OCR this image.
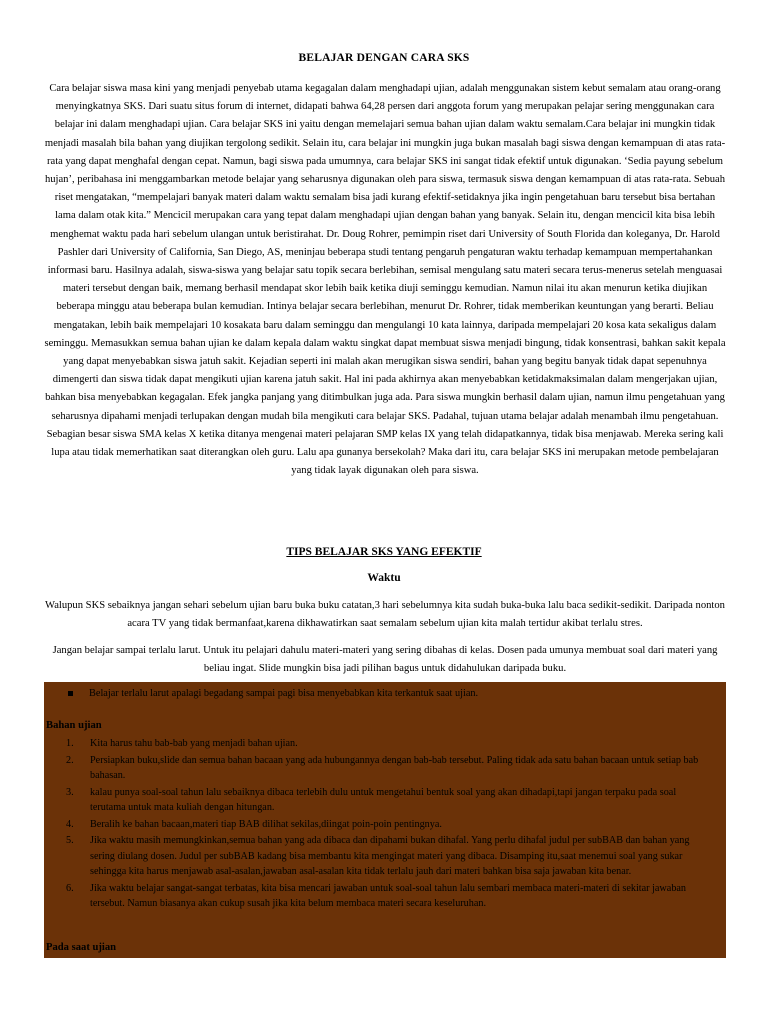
BELAJAR DENGAN CARA SKS
Cara belajar siswa masa kini yang menjadi penyebab utama kegagalan dalam menghadapi ujian, adalah menggunakan sistem kebut semalam atau orang-orang menyingkatnya SKS. Dari suatu situs forum di internet, didapati bahwa 64,28 persen dari anggota forum yang merupakan pelajar sering menggunakan cara belajar ini dalam menghadapi ujian. Cara belajar SKS ini yaitu dengan memelajari semua bahan ujian dalam waktu semalam.Cara belajar ini mungkin tidak menjadi masalah bila bahan yang diujikan tergolong sedikit. Selain itu, cara belajar ini mungkin juga bukan masalah bagi siswa dengan kemampuan di atas rata-rata yang dapat menghafal dengan cepat. Namun, bagi siswa pada umumnya, cara belajar SKS ini sangat tidak efektif untuk digunakan. ‘Sedia payung sebelum hujan’, peribahasa ini menggambarkan metode belajar yang seharusnya digunakan oleh para siswa, termasuk siswa dengan kemampuan di atas rata-rata. Sebuah riset mengatakan, “mempelajari banyak materi dalam waktu semalam bisa jadi kurang efektif-setidaknya jika ingin pengetahuan baru tersebut bisa bertahan lama dalam otak kita.” Mencicil merupakan cara yang tepat dalam menghadapi ujian dengan bahan yang banyak. Selain itu, dengan mencicil kita bisa lebih menghemat waktu pada hari sebelum ulangan untuk beristirahat. Dr. Doug Rohrer, pemimpin riset dari University of South Florida dan koleganya, Dr. Harold Pashler dari University of California, San Diego, AS, meninjau beberapa studi tentang pengaruh pengaturan waktu terhadap kemampuan mempertahankan informasi baru. Hasilnya adalah, siswa-siswa yang belajar satu topik secara berlebihan, semisal mengulang satu materi secara terus-menerus setelah menguasai materi tersebut dengan baik, memang berhasil mendapat skor lebih baik ketika diuji seminggu kemudian. Namun nilai itu akan menurun ketika diujikan beberapa minggu atau beberapa bulan kemudian. Intinya belajar secara berlebihan, menurut Dr. Rohrer, tidak memberikan keuntungan yang berarti. Beliau mengatakan, lebih baik mempelajari 10 kosakata baru dalam seminggu dan mengulangi 10 kata lainnya, daripada mempelajari 20 kosa kata sekaligus dalam seminggu. Memasukkan semua bahan ujian ke dalam kepala dalam waktu singkat dapat membuat siswa menjadi bingung, tidak konsentrasi, bahkan sakit kepala yang dapat menyebabkan siswa jatuh sakit. Kejadian seperti ini malah akan merugikan siswa sendiri, bahan yang begitu banyak tidak dapat sepenuhnya dimengerti dan siswa tidak dapat mengikuti ujian karena jatuh sakit. Hal ini pada akhirnya akan menyebabkan ketidakmaksimalan dalam mengerjakan ujian, bahkan bisa menyebabkan kegagalan. Efek jangka panjang yang ditimbulkan juga ada. Para siswa mungkin berhasil dalam ujian, namun ilmu pengetahuan yang seharusnya dipahami menjadi terlupakan dengan mudah bila mengikuti cara belajar SKS. Padahal, tujuan utama belajar adalah menambah ilmu pengetahuan. Sebagian besar siswa SMA kelas X ketika ditanya mengenai materi pelajaran SMP kelas IX yang telah didapatkannya, tidak bisa menjawab. Mereka sering kali lupa atau tidak memerhatikan saat diterangkan oleh guru. Lalu apa gunanya bersekolah? Maka dari itu, cara belajar SKS ini merupakan metode pembelajaran yang tidak layak digunakan oleh para siswa.
TIPS BELAJAR SKS YANG EFEKTIF
Waktu
Walupun SKS sebaiknya jangan sehari sebelum ujian baru buka buku catatan,3 hari sebelumnya kita sudah buka-buka lalu baca sedikit-sedikit. Daripada nonton acara TV yang tidak bermanfaat,karena dikhawatirkan saat semalam sebelum ujian kita malah tertidur akibat terlalu stres.
Jangan belajar sampai terlalu larut. Untuk itu pelajari dahulu materi-materi yang sering dibahas di kelas. Dosen pada umunya membuat soal dari materi yang beliau ingat. Slide mungkin bisa jadi pilihan bagus untuk didahulukan daripada buku.
Belajar terlalu larut apalagi begadang sampai pagi bisa menyebabkan kita terkantuk saat ujian.
Bahan ujian
1.	Kita harus tahu bab-bab yang menjadi bahan ujian.
2.	Persiapkan buku,slide dan semua bahan bacaan yang ada hubungannya dengan bab-bab tersebut. Paling tidak ada satu bahan bacaan untuk setiap bab bahasan.
3.	kalau punya soal-soal tahun lalu sebaiknya dibaca terlebih dulu untuk mengetahui bentuk soal yang akan dihadapi,tapi jangan terpaku pada soal terutama untuk mata kuliah dengan hitungan.
4.	Beralih ke bahan bacaan,materi tiap BAB dilihat sekilas,diingat poin-poin pentingnya.
5.	Jika waktu masih memungkinkan,semua bahan yang ada dibaca dan dipahami bukan dihafal. Yang perlu dihafal judul per subBAB dan bahan yang sering diulang dosen. Judul per subBAB kadang bisa membantu kita mengingat materi yang dibaca. Disamping itu,saat menemui soal yang sukar sehingga kita harus menjawab asal-asalan,jawaban asal-asalan kita tidak terlalu jauh dari materi bahkan bisa saja jawaban kita benar.
6.	Jika waktu belajar sangat-sangat terbatas, kita bisa mencari jawaban untuk soal-soal tahun lalu sembari membaca materi-materi di sekitar jawaban tersebut. Namun biasanya akan cukup susah jika kita belum membaca materi secara keseluruhan.
Pada saat ujian
